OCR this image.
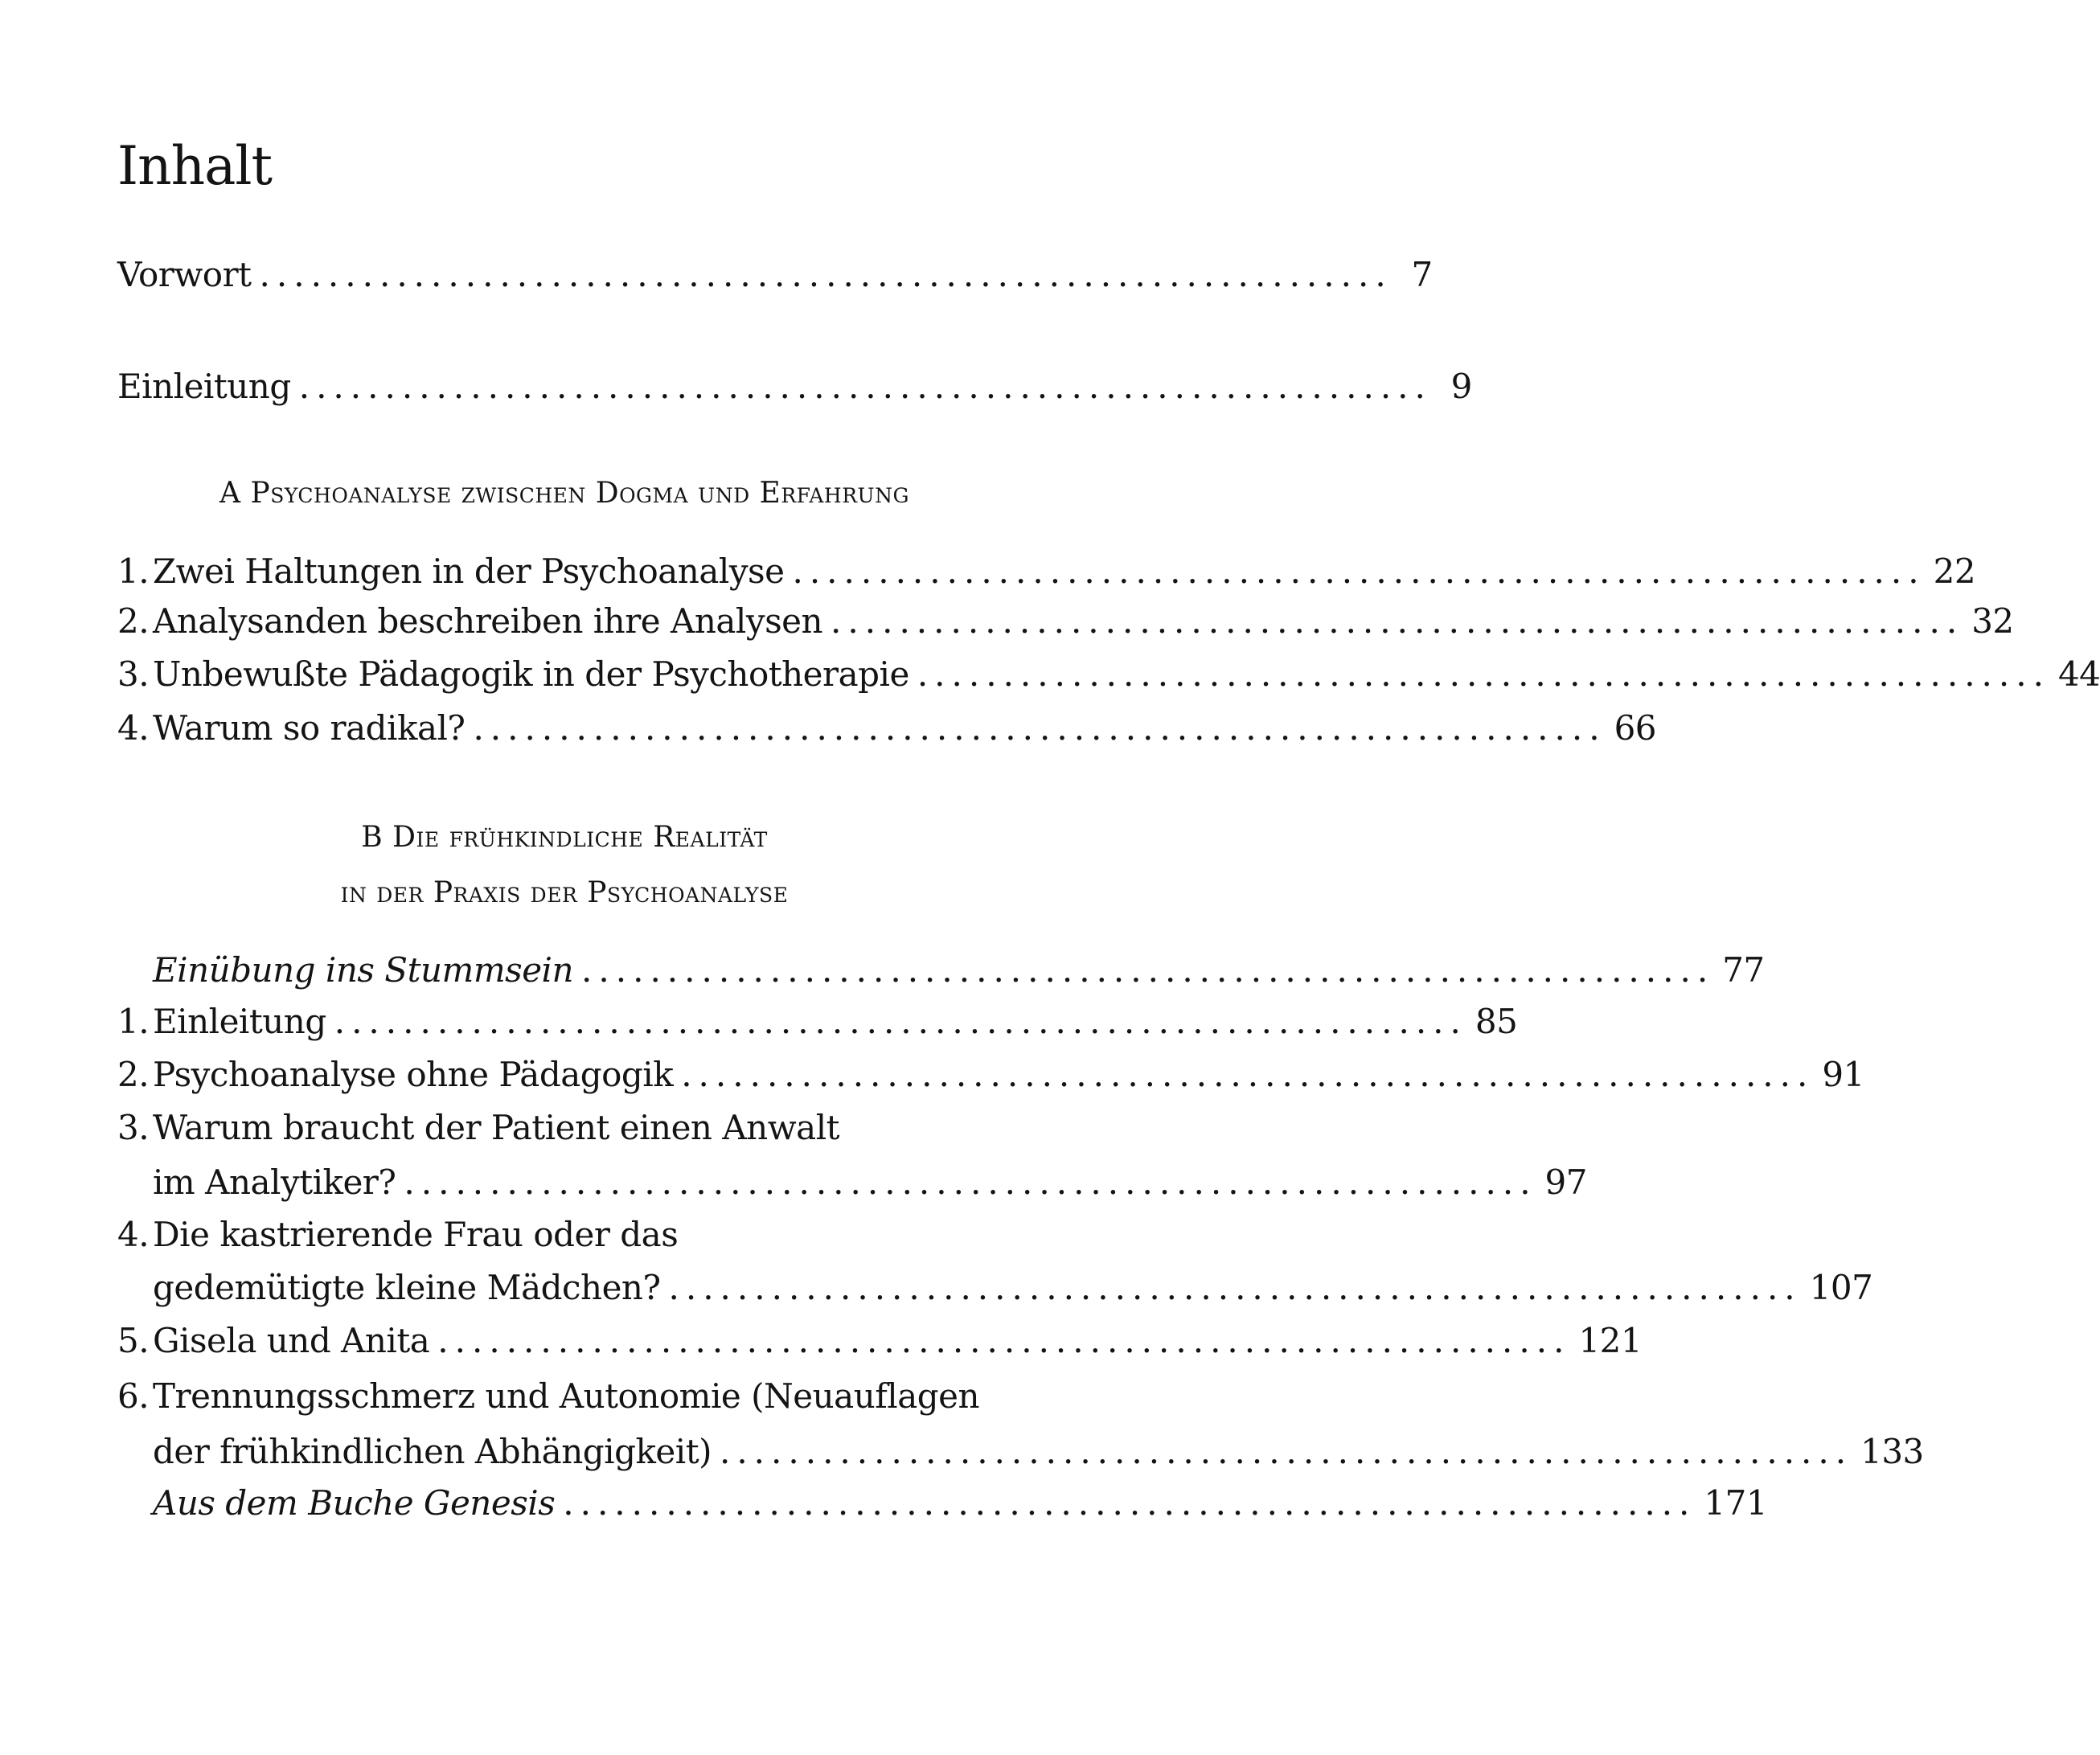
Inhalt
Vorwort .................................................................. 7
Einleitung .................................................................. 9
A Psychoanalyse zwischen Dogma und Erfahrung
1. Zwei Haltungen in der Psychoanalyse .................................................................. 22
2. Analysanden beschreiben ihre Analysen .................................................................. 32
3. Unbewußte Pädagogik in der Psychotherapie .................................................................. 44
4. Warum so radikal? .................................................................. 66
B Die frühkindliche Realität
in der Praxis der Psychoanalyse
Einübung ins Stummsein .................................................................. 77
1. Einleitung .................................................................. 85
2. Psychoanalyse ohne Pädagogik .................................................................. 91
3. Warum braucht der Patient einen Anwalt
im Analytiker? .................................................................. 97
4. Die kastrierende Frau oder das
gedemütigte kleine Mädchen? .................................................................. 107
5. Gisela und Anita .................................................................. 121
6. Trennungsschmerz und Autonomie (Neuauflagen
der frühkindlichen Abhängigkeit) .................................................................. 133
Aus dem Buche Genesis .................................................................. 171
